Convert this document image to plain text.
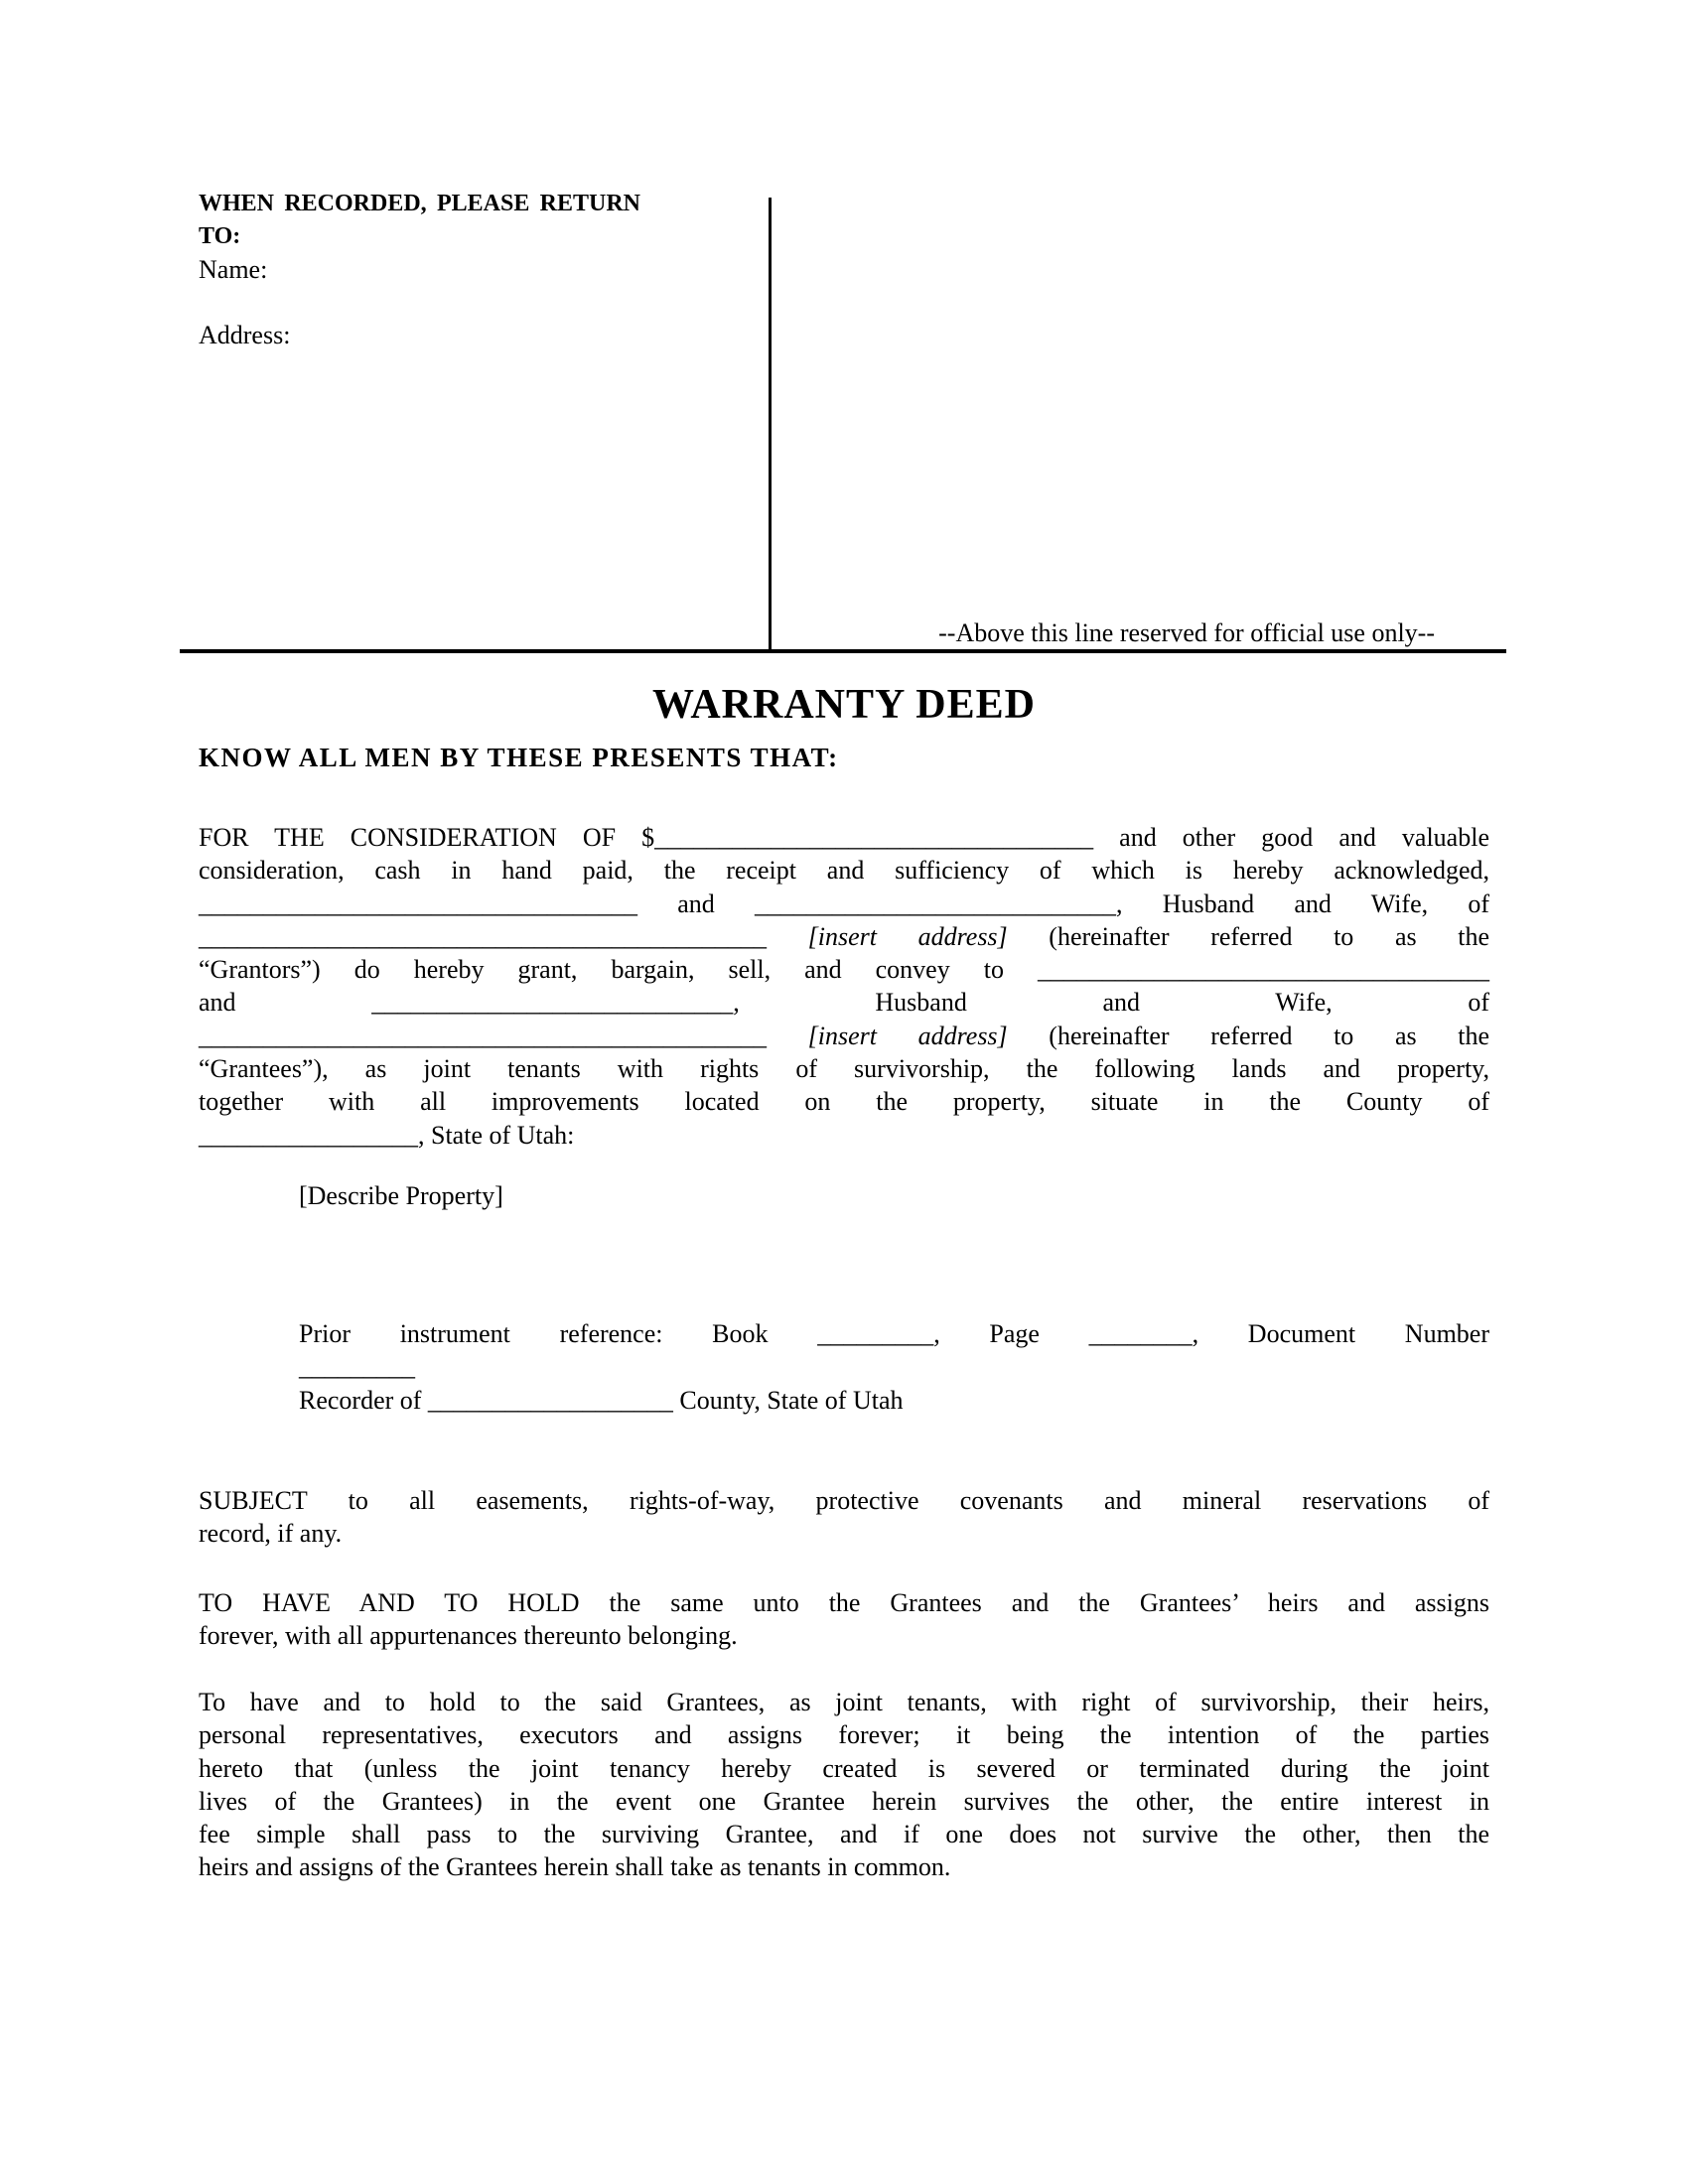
WHEN RECORDED, PLEASE RETURN
TO:
Name:
Address:
--Above this line reserved for official use only--
WARRANTY DEED
KNOW ALL MEN BY THESE PRESENTS THAT:
FOR THE CONSIDERATION OF $__________________________________ and other good and valuable
consideration, cash in hand paid, the receipt and sufficiency of which is hereby acknowledged,
__________________________________ and ____________________________, Husband and Wife, of
____________________________________________ [insert address] (hereinafter referred to as the
“Grantors”) do hereby grant, bargain, sell, and convey to ___________________________________
and ____________________________, Husband and Wife, of
____________________________________________ [insert address] (hereinafter referred to as the
“Grantees”), as joint tenants with rights of survivorship, the following lands and property,
together with all improvements located on the property, situate in the County of
_________________, State of Utah:
[Describe Property]
Prior instrument reference: Book _________, Page ________, Document Number
_________
Recorder of ___________________ County, State of Utah
SUBJECT to all easements, rights-of-way, protective covenants and mineral reservations of
record, if any.
TO HAVE AND TO HOLD the same unto the Grantees and the Grantees’ heirs and assigns
forever, with all appurtenances thereunto belonging.
To have and to hold to the said Grantees, as joint tenants, with right of survivorship, their heirs,
personal representatives, executors and assigns forever; it being the intention of the parties
hereto that (unless the joint tenancy hereby created is severed or terminated during the joint
lives of the Grantees) in the event one Grantee herein survives the other, the entire interest in
fee simple shall pass to the surviving Grantee, and if one does not survive the other, then the
heirs and assigns of the Grantees herein shall take as tenants in common.
